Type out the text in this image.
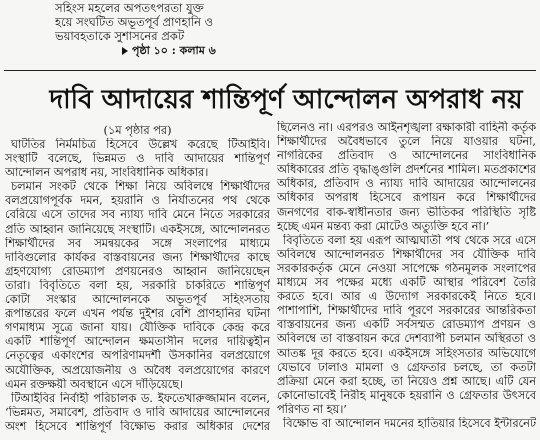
সহিংস মহলের অপতৎপরতা যুক্ত
হয়ে সংঘটিত অভূতপূর্ব প্রাণহানি ও
ভয়াবহতাকে সুশাসনের প্রকট
পৃষ্ঠা ১০ : কলাম ৬
দাবি আদায়ের শান্তিপূর্ণ আন্দোলন অপরাধ নয়
(১ম পৃষ্ঠার পর)
ঘাটতির নির্মমচিত্র হিসেবে উল্লেখ করেছে টিআইবি।
সংস্থাটি বলেছে, ভিন্নমত ও দাবি আদায়ের শান্তিপূর্ণ
আন্দোলন অপরাধ নয়, সাংবিধানিক অধিকার।
চলমান সংকট থেকে শিক্ষা নিয়ে অবিলম্বে শিক্ষার্থীদের
বলপ্রয়োগপূর্বক দমন, হয়রানি ও নির্যাতনের পথ থেকে
বেরিয়ে এসে তাদের সব ন্যায্য দাবি মেনে নিতে সরকারের
প্রতি আহ্বান জানিয়েছে সংস্থাটি। একইসঙ্গে, আন্দোলনরত
শিক্ষার্থীদের সব সমন্বয়কের সঙ্গে সংলাপের মাধ্যমে
দাবিগুলোর কার্যকর বাস্তবায়নের জন্য শিক্ষার্থীদের কাছে
গ্রহণযোগ্য রোডম্যাপ প্রণয়নেরও আহ্বান জানিয়েছেন
তারা। বিবৃতিতে বলা হয়, সরকারি চাকরিতে শান্তিপূর্ণ
কোটা সংস্কার আন্দোলনকে অভূতপূর্ব সহিংসতায়
রূপান্তরের ফলে এখন পর্যন্ত দুইশর বেশি প্রাণহানির ঘটনা
গণমাধ্যম সূত্রে জানা যায়। যৌক্তিক দাবিকে কেন্দ্র করে
একটি শান্তিপূর্ণ আন্দোলন ক্ষমতাসীন দলের দায়িত্বহীন
নেতৃত্বের একাংশের অপরিণামদর্শী উসকানির বলপ্রয়োগে
অযৌক্তিক, অপ্রয়োজনীয় ও অবৈধ বলপ্রয়োগের কারণে
এমন রক্তক্ষয়ী অবস্থানে এসে দাঁড়িয়েছে।
টিআইবির নির্বাহী পরিচালক ড. ইফতেখারুজ্জামান বলেন,
‘ভিন্নমত, সমাবেশ, প্রতিবাদ ও দাবি আদায়ের আন্দোলনের
অংশ হিসেবে শান্তিপূর্ণ বিক্ষোভ করার অধিকার দেশের
ছিলেনও না। এরপরও আইনশৃঙ্খলা রক্ষাকারী বাহিনী কর্তৃক
শিক্ষার্থীদের অবৈধভাবে তুলে নিয়ে যাওয়ার ঘটনা,
নাগরিকের প্রতিবাদ ও আন্দোলনের সাংবিধানিক
অধিকারের প্রতি বৃদ্ধাঙ্গুলি প্রদর্শনের শামিল। মতপ্রকাশের
অধিকার, প্রতিবাদ ও ন্যায্য দাবি আদায়ের আন্দোলনের
অধিকার অপরাধ হিসেবে রূপায়ন করে শিক্ষার্থীদের
জনগণের বাক-স্বাধীনতার জন্য ভীতিকর পরিস্থিতি সৃষ্টি
হচ্ছে এমন মন্তব্য করা মোটেও অত্যুক্তি হবে না।’
বিবৃতিতে বলা হয় এরূপ আত্মঘাতী পথ থেকে সরে এসে
অবিলম্বে আন্দোলনরত শিক্ষার্থীদের সব যৌক্তিক দাবি
সরকারকর্তৃক মেনে নেওয়া সাপেক্ষে গঠনমূলক সংলাপের
মাধ্যমে সব পক্ষের মধ্যে একটি আস্থার পরিবেশ তৈরি
করতে হবে। আর এ উদ্যোগ সরকারকেই নিতে হবে।
পাশাপাশি, শিক্ষার্থীদের দাবি পূরণে সরকারের আন্তরিকতা
বাস্তবায়নের জন্য একটি সর্বসম্মত রোডম্যাপ প্রণয়ন ও
অবিলম্বে তা বাস্তবায়ন করে দেশব্যাপী চলমান অস্থিরতা ও
আতঙ্ক দূর করতে হবে। একইসঙ্গে সহিংসতার অভিযোগে
যেভাবে ঢালাও মামলা ও গ্রেফতার চলছে, তা কতটা
প্রক্রিয়া মেনে করা হচ্ছে, তা নিয়েও প্রশ্ন আছে। এটি যেন
কোনোভাবেই নিরীহ মানুষকে হয়রানি ও গ্রেফতার উৎসবে
পরিণত না হয়।’
বিক্ষোভ বা আন্দোলন দমনের হাতিয়ার হিসেবে ইন্টারনেট
